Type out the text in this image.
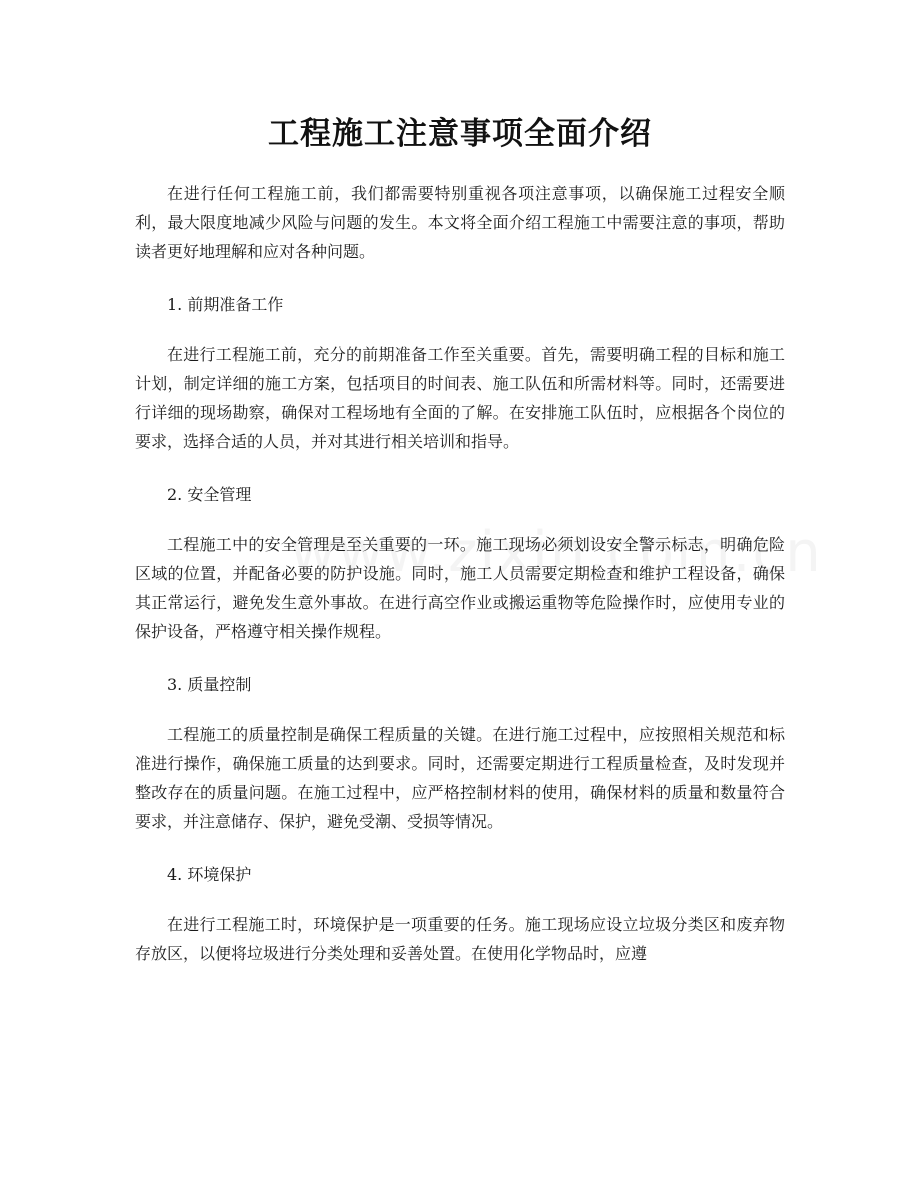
工程施工注意事项全面介绍

在进行任何工程施工前，我们都需要特别重视各项注意事项，以确保施工过程安全顺利，最大限度地减少风险与问题的发生。本文将全面介绍工程施工中需要注意的事项，帮助读者更好地理解和应对各种问题。

1. 前期准备工作

在进行工程施工前，充分的前期准备工作至关重要。首先，需要明确工程的目标和施工计划，制定详细的施工方案，包括项目的时间表、施工队伍和所需材料等。同时，还需要进行详细的现场勘察，确保对工程场地有全面的了解。在安排施工队伍时，应根据各个岗位的要求，选择合适的人员，并对其进行相关培训和指导。

2. 安全管理

工程施工中的安全管理是至关重要的一环。施工现场必须划设安全警示标志，明确危险区域的位置，并配备必要的防护设施。同时，施工人员需要定期检查和维护工程设备，确保其正常运行，避免发生意外事故。在进行高空作业或搬运重物等危险操作时，应使用专业的保护设备，严格遵守相关操作规程。

3. 质量控制

工程施工的质量控制是确保工程质量的关键。在进行施工过程中，应按照相关规范和标准进行操作，确保施工质量的达到要求。同时，还需要定期进行工程质量检查，及时发现并整改存在的质量问题。在施工过程中，应严格控制材料的使用，确保材料的质量和数量符合要求，并注意储存、保护，避免受潮、受损等情况。

4. 环境保护

在进行工程施工时，环境保护是一项重要的任务。施工现场应设立垃圾分类区和废弃物存放区，以便将垃圾进行分类处理和妥善处置。在使用化学物品时，应遵
